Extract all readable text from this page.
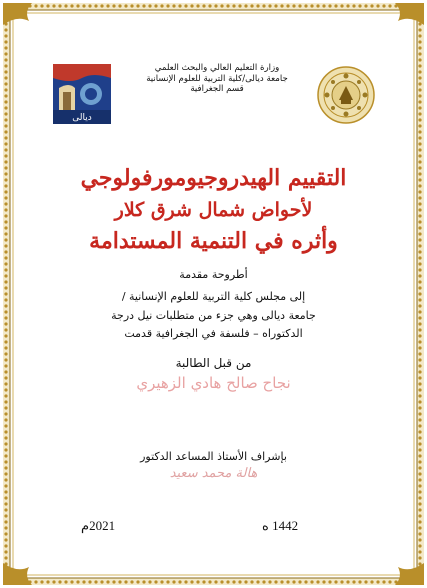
ديالى
وزارة التعليم العالي والبحث العلمي
جامعة ديالى/كلية التربية للعلوم الإنسانية
قسم الجغرافية
التقييم الهيدروجيومورفولوجي
لأحواض شمال شرق كلار
وأثره في التنمية المستدامة
أطروحة مقدمة
إلى مجلس كلية التربية للعلوم الإنسانية /
جامعة ديالى وهي جزء من متطلبات نيل درجة
الدكتوراه – فلسفة في الجغرافية قدمت
من قبل الطالبة
نجاح صالح هادي الزهيري
بإشراف الأستاذ المساعد الدكتور
هالة محمد سعيد
1442 ه
2021م
